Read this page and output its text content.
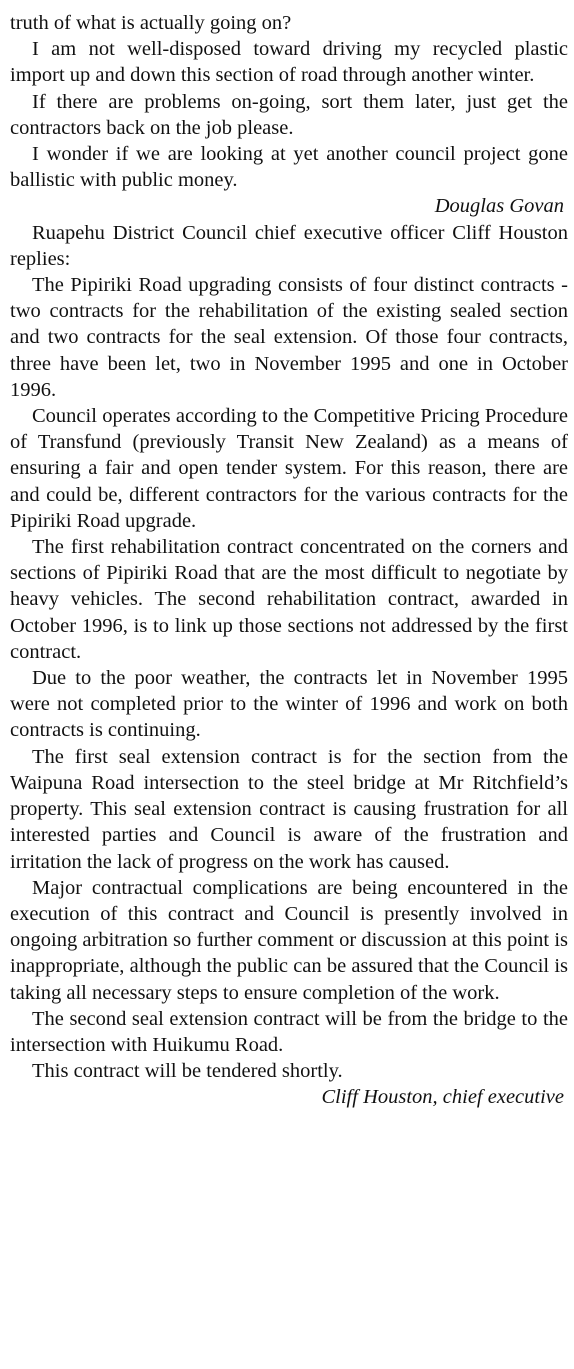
truth of what is actually going on?

I am not well-disposed toward driving my recycled plastic import up and down this section of road through another winter.

If there are problems on-going, sort them later, just get the contractors back on the job please.

I wonder if we are looking at yet another council project gone ballistic with public money.

Douglas Govan

Ruapehu District Council chief executive officer Cliff Houston replies:

The Pipiriki Road upgrading consists of four distinct contracts - two contracts for the rehabilitation of the existing sealed section and two contracts for the seal extension. Of those four contracts, three have been let, two in November 1995 and one in October 1996.

Council operates according to the Competitive Pricing Procedure of Transfund (previously Transit New Zealand) as a means of ensuring a fair and open tender system. For this reason, there are and could be, different contractors for the various contracts for the Pipiriki Road upgrade.

The first rehabilitation contract concentrated on the corners and sections of Pipiriki Road that are the most difficult to negotiate by heavy vehicles. The second rehabilitation contract, awarded in October 1996, is to link up those sections not addressed by the first contract.

Due to the poor weather, the contracts let in November 1995 were not completed prior to the winter of 1996 and work on both contracts is continuing.

The first seal extension contract is for the section from the Waipuna Road intersection to the steel bridge at Mr Ritchfield’s property. This seal extension contract is causing frustration for all interested parties and Council is aware of the frustration and irritation the lack of progress on the work has caused.

Major contractual complications are being encountered in the execution of this contract and Council is presently involved in ongoing arbitration so further comment or discussion at this point is inappropriate, although the public can be assured that the Council is taking all necessary steps to ensure completion of the work.

The second seal extension contract will be from the bridge to the intersection with Huikumu Road.

This contract will be tendered shortly.

Cliff Houston, chief executive
